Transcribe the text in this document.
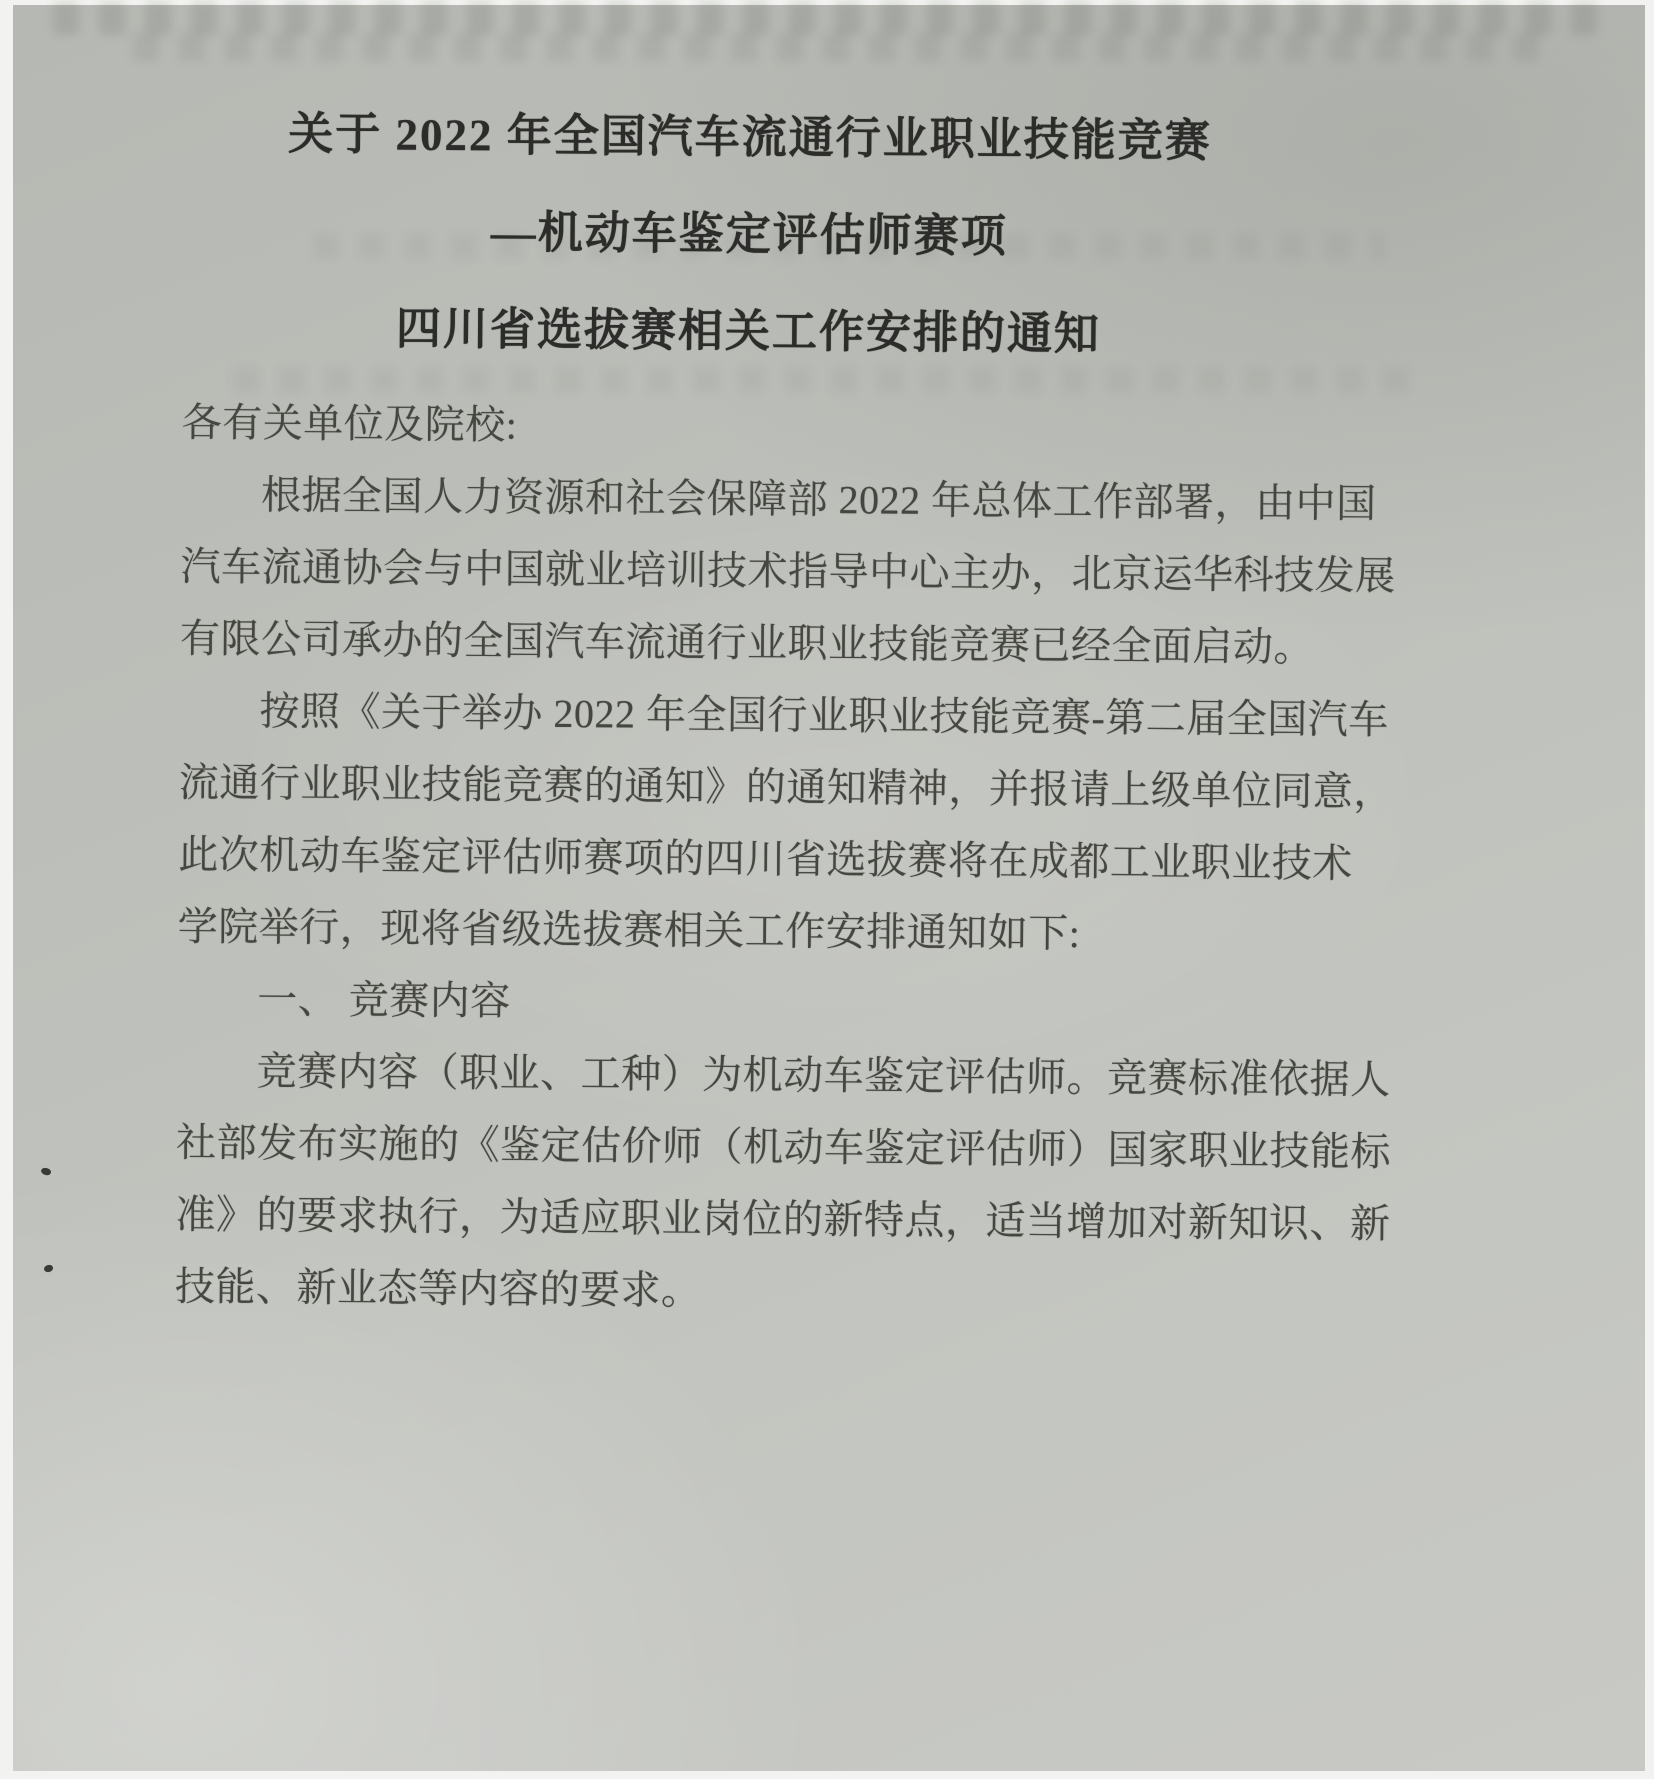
关于 2022 年全国汽车流通行业职业技能竞赛
—机动车鉴定评估师赛项
四川省选拔赛相关工作安排的通知
各有关单位及院校:
根据全国人力资源和社会保障部 2022 年总体工作部署，由中国
汽车流通协会与中国就业培训技术指导中心主办，北京运华科技发展
有限公司承办的全国汽车流通行业职业技能竞赛已经全面启动。
按照《关于举办 2022 年全国行业职业技能竞赛-第二届全国汽车
流通行业职业技能竞赛的通知》的通知精神，并报请上级单位同意，
此次机动车鉴定评估师赛项的四川省选拔赛将在成都工业职业技术
学院举行，现将省级选拔赛相关工作安排通知如下:
一、 竞赛内容
竞赛内容（职业、工种）为机动车鉴定评估师。竞赛标准依据人
社部发布实施的《鉴定估价师（机动车鉴定评估师）国家职业技能标
准》的要求执行，为适应职业岗位的新特点，适当增加对新知识、新
技能、新业态等内容的要求。
